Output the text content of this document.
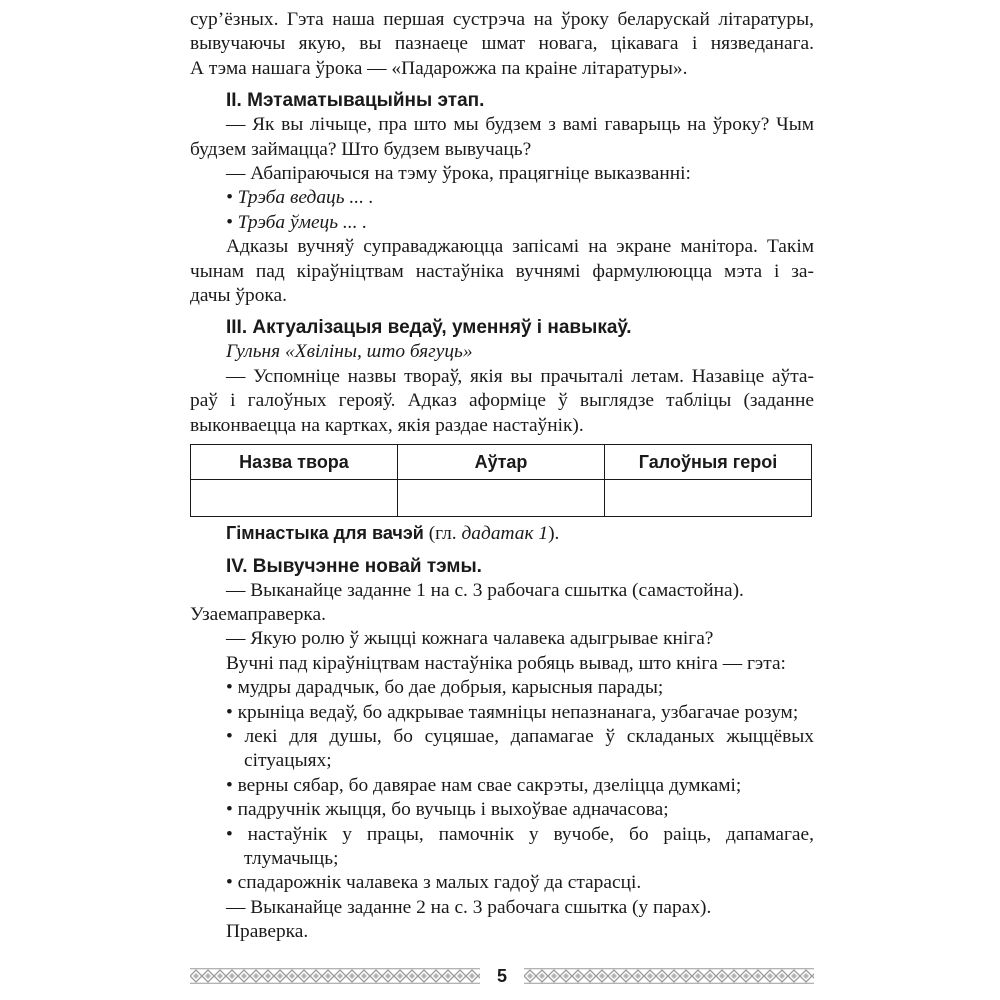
сур’ёзных. Гэта наша першая сустрэча на ўроку беларускай літаратуры,

вывучаючы якую, вы пазнаеце шмат новага, цікавага і нязведанага.

А тэма нашага ўрока — «Падарожжа па краіне літаратуры».

ІІ. Мэтаматывацыйны этап.

— Як вы лічыце, пра што мы будзем з вамі гаварыць на ўроку? Чым

будзем займацца? Што будзем вывучаць?

— Абапіраючыся на тэму ўрока, працягніце выказванні:

• Трэба ведаць ... .

• Трэба ўмець ... .

Адказы вучняў суправаджаюцца запісамі на экране манітора. Такім

чынам пад кіраўніцтвам настаўніка вучнямі фармулююцца мэта і за-

дачы ўрока.

ІІІ. Актуалізацыя ведаў, уменняў і навыкаў.

Гульня «Хвіліны, што бягуць»

— Успомніце назвы твораў, якія вы прачыталі летам. Назавіце аўта-

раў і галоўных герояў. Адказ аформіце ў выглядзе табліцы (заданне

выконваецца на картках, якія раздае настаўнік).

Назва твора	Аўтар	Галоўныя героі

Гімнастыка для вачэй (гл. дадатак 1).

IV. Вывучэнне новай тэмы.

— Выканайце заданне 1 на с. 3 рабочага сшытка (самастойна).

Узаемаправерка.

— Якую ролю ў жыцці кожнага чалавека адыгрывае кніга?

Вучні пад кіраўніцтвам настаўніка робяць вывад, што кніга — гэта:

• мудры дарадчык, бо дае добрыя, карысныя парады;

• крыніца ведаў, бо адкрывае таямніцы непазнанага, узбагачае розум;

• лекі для душы, бо суцяшае, дапамагае ў складаных жыццёвых сітуацыях;

• верны сябар, бо давярае нам свае сакрэты, дзеліцца думкамі;

• падручнік жыцця, бо вучыць і выхоўвае адначасова;

• настаўнік у працы, памочнік у вучобе, бо раіць, дапамагае, тлумачыць;

• спадарожнік чалавека з малых гадоў да старасці.

— Выканайце заданне 2 на с. 3 рабочага сшытка (у парах).

Праверка.

5
